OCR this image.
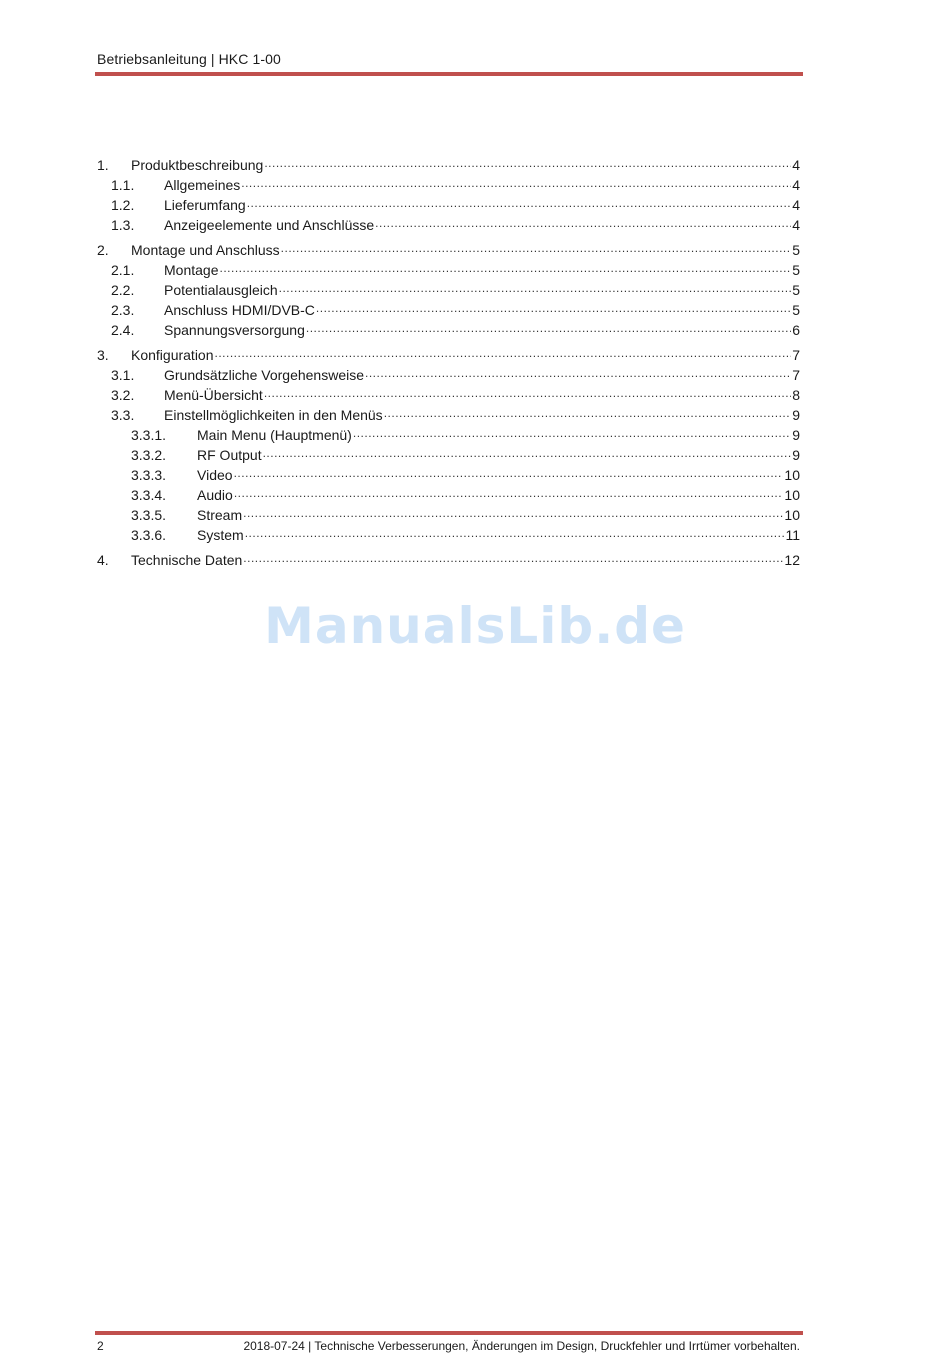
Betriebsanleitung | HKC 1-00
1. Produktbeschreibung .....	4
1.1. Allgemeines .....	4
1.2. Lieferumfang .....	4
1.3. Anzeigeelemente und Anschlüsse .....	4
2. Montage und Anschluss .....	5
2.1. Montage .....	5
2.2. Potentialausgleich .....	5
2.3. Anschluss HDMI/DVB-C .....	5
2.4. Spannungsversorgung .....	6
3. Konfiguration .....	7
3.1. Grundsätzliche Vorgehensweise .....	7
3.2. Menü-Übersicht .....	8
3.3. Einstellmöglichkeiten in den Menüs .....	9
3.3.1. Main Menu (Hauptmenü) .....	9
3.3.2. RF Output .....	9
3.3.3. Video .....	10
3.3.4. Audio .....	10
3.3.5. Stream .....	10
3.3.6. System .....	11
4. Technische Daten .....	12
ManualsLib.de
2	2018-07-24 | Technische Verbesserungen, Änderungen im Design, Druckfehler und Irrtümer vorbehalten.
